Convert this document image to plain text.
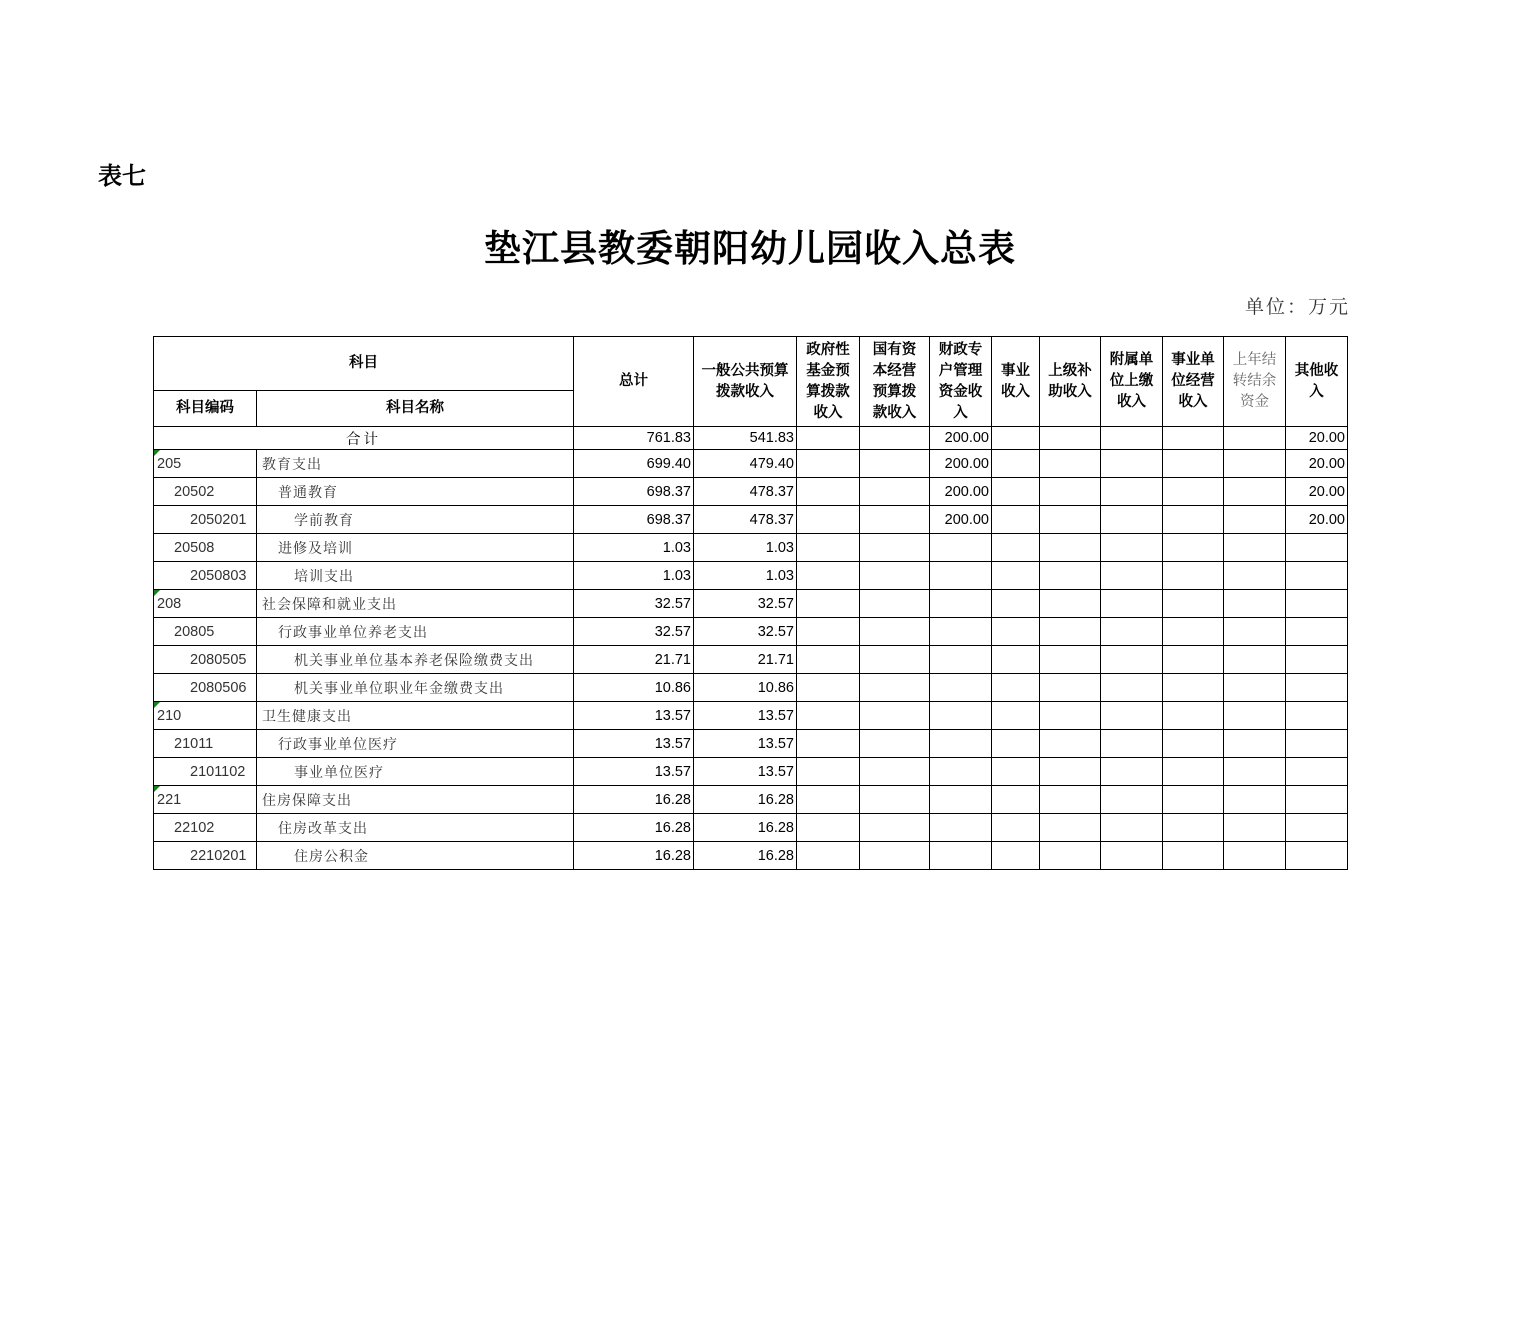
表七
垫江县教委朝阳幼儿园收入总表
单位：万元
科目		总计	一般公共预算拨款收入	政府性基金预算拨款收入	国有资本经营预算拨款收入	财政专户管理资金收入	事业收入	上级补助收入	附属单位上缴收入	事业单位经营收入	上年结转结余资金	其他收入
科目编码	科目名称											
合计		761.83	541.83			200.00						20.00
205	教育支出	699.40	479.40			200.00						20.00
20502	普通教育	698.37	478.37			200.00						20.00
2050201	学前教育	698.37	478.37			200.00						20.00
20508	进修及培训	1.03	1.03									
2050803	培训支出	1.03	1.03									
208	社会保障和就业支出	32.57	32.57									
20805	行政事业单位养老支出	32.57	32.57									
2080505	机关事业单位基本养老保险缴费支出	21.71	21.71									
2080506	机关事业单位职业年金缴费支出	10.86	10.86									
210	卫生健康支出	13.57	13.57									
21011	行政事业单位医疗	13.57	13.57									
2101102	事业单位医疗	13.57	13.57									
221	住房保障支出	16.28	16.28									
22102	住房改革支出	16.28	16.28									
2210201	住房公积金	16.28	16.28									
